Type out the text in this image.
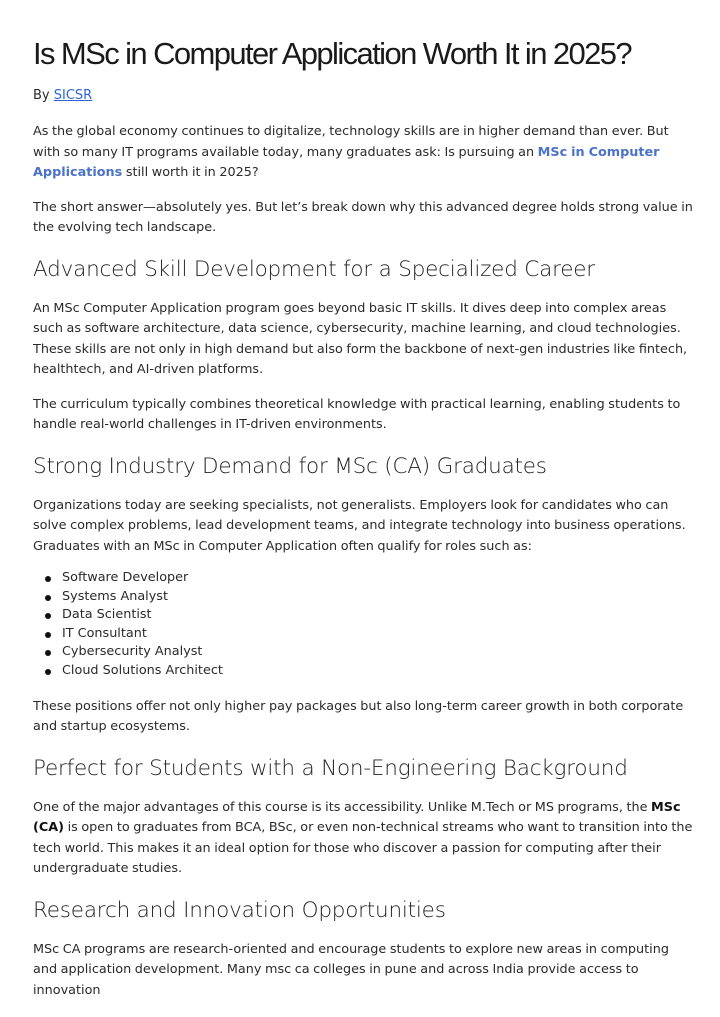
Is MSc in Computer Application Worth It in 2025?
By SICSR

As the global economy continues to digitalize, technology skills are in higher demand than ever. But with so many IT programs available today, many graduates ask: Is pursuing an MSc in Computer Applications still worth it in 2025?

The short answer—absolutely yes. But let’s break down why this advanced degree holds strong value in the evolving tech landscape.

Advanced Skill Development for a Specialized Career

An MSc Computer Application program goes beyond basic IT skills. It dives deep into complex areas such as software architecture, data science, cybersecurity, machine learning, and cloud technologies. These skills are not only in high demand but also form the backbone of next-gen industries like fintech, healthtech, and AI-driven platforms.

The curriculum typically combines theoretical knowledge with practical learning, enabling students to handle real-world challenges in IT-driven environments.

Strong Industry Demand for MSc (CA) Graduates

Organizations today are seeking specialists, not generalists. Employers look for candidates who can solve complex problems, lead development teams, and integrate technology into business operations. Graduates with an MSc in Computer Application often qualify for roles such as:

Software Developer
Systems Analyst
Data Scientist
IT Consultant
Cybersecurity Analyst
Cloud Solutions Architect

These positions offer not only higher pay packages but also long-term career growth in both corporate and startup ecosystems.

Perfect for Students with a Non-Engineering Background

One of the major advantages of this course is its accessibility. Unlike M.Tech or MS programs, the MSc (CA) is open to graduates from BCA, BSc, or even non-technical streams who want to transition into the tech world. This makes it an ideal option for those who discover a passion for computing after their undergraduate studies.

Research and Innovation Opportunities

MSc CA programs are research-oriented and encourage students to explore new areas in computing and application development. Many msc ca colleges in pune and across India provide access to innovation
